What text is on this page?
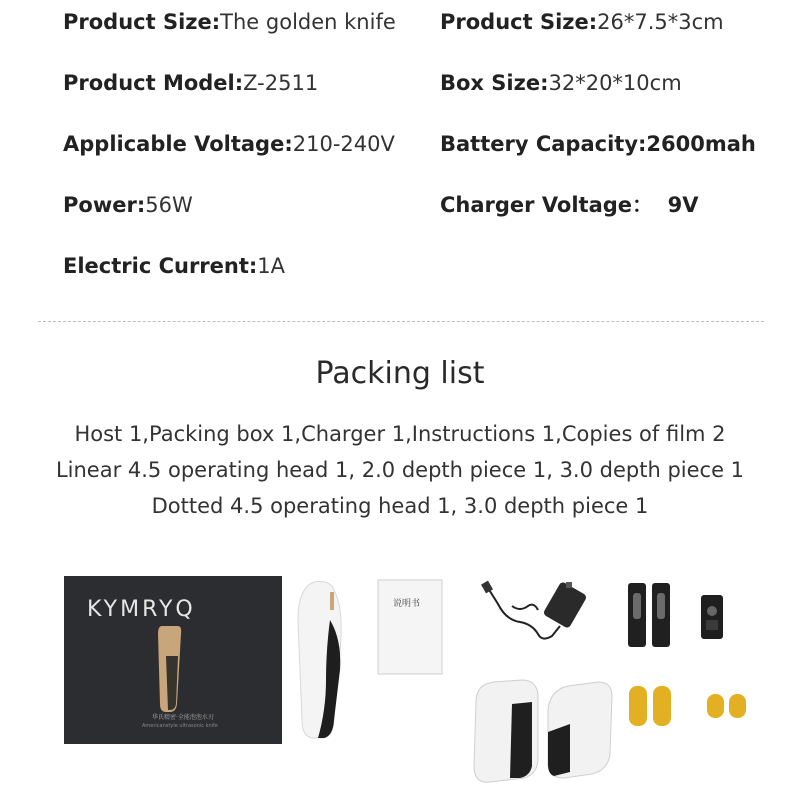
Product Size:The golden knife Product Size:26*7.5*3cm
Product Model:Z-2511	Box Size:32*20*10cm
Applicable Voltage:210-240V Battery Capacity:2600mah
Power:56W	Charger Voltage：  9V
Electric Current:1A
Packing list
Host 1,Packing box 1,Charger 1,Instructions 1,Copies of film 2
Linear 4.5 operating head 1, 2.0 depth piece 1, 3.0 depth piece 1
Dotted 4.5 operating head 1, 3.0 depth piece 1
KYMRYQ
华氏精密·全能泡泡水刃
Americanstyle ultrasonic knife
说明书
